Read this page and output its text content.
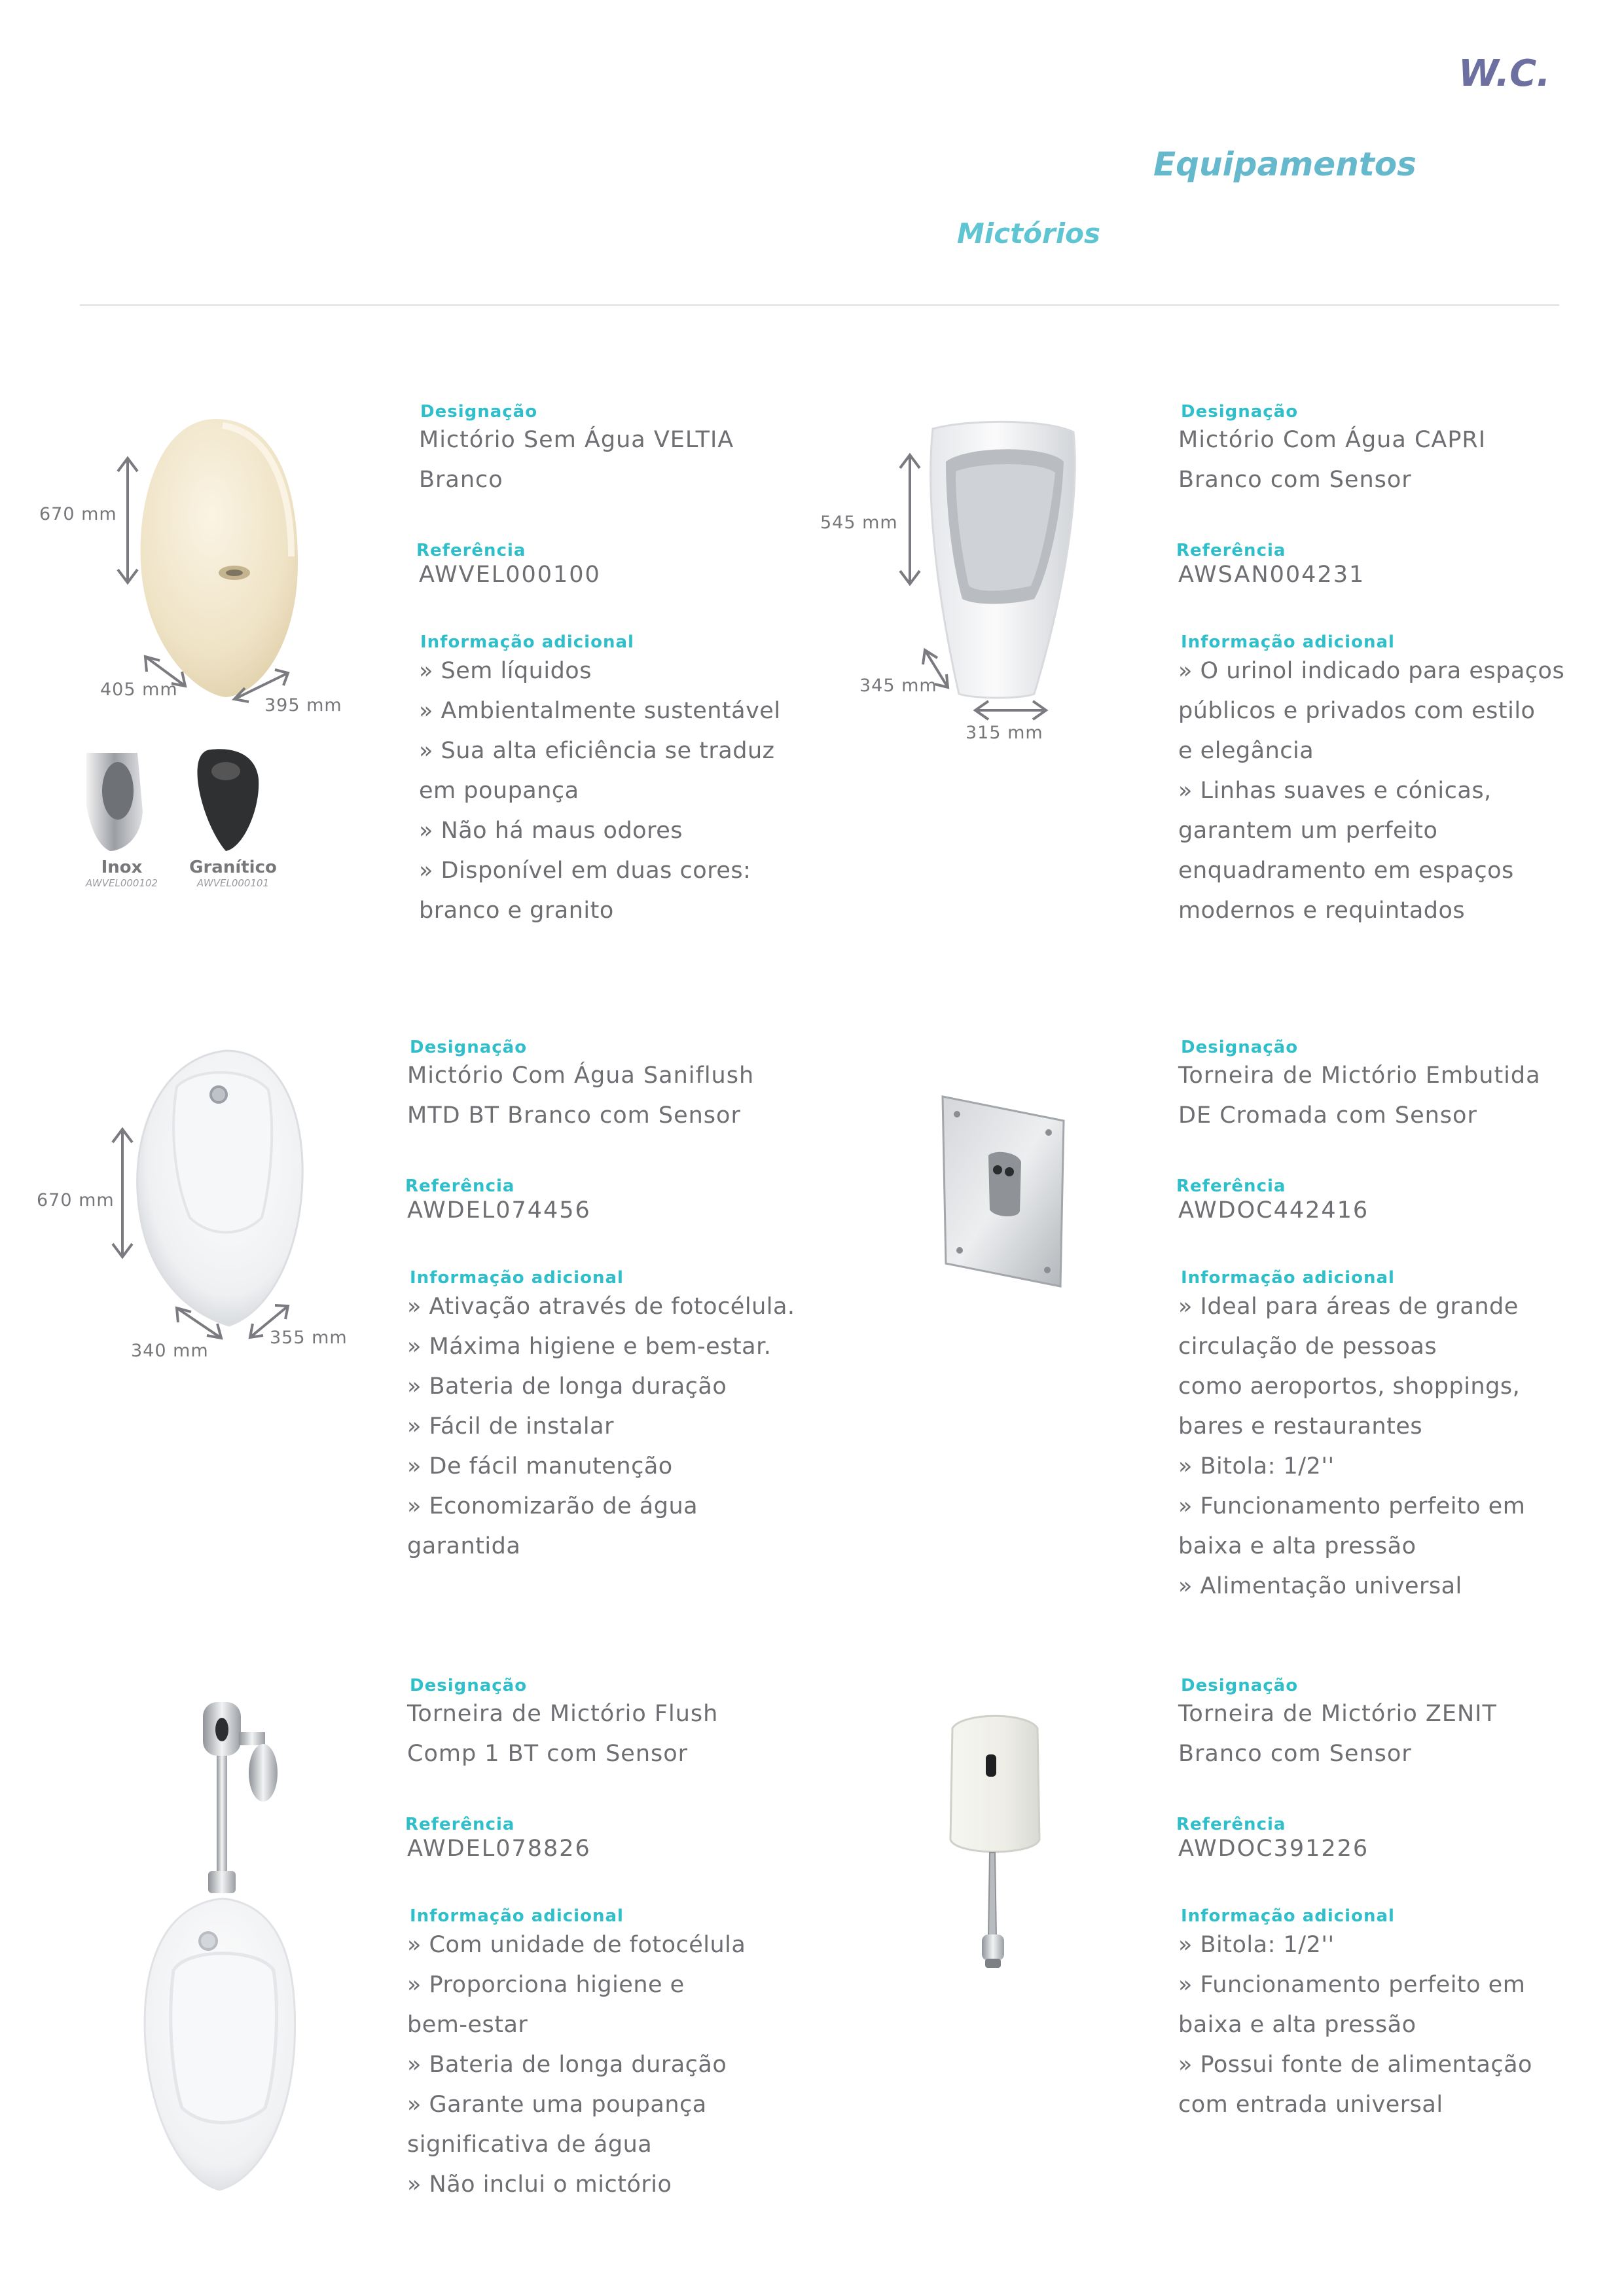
W.C.
Equipamentos
Mictórios
670 mm
405 mm
395 mm
Inox
AWVEL000102
Granítico
AWVEL000101
Designação
Mictório Sem Água VELTIA
Branco
Referência
AWVEL000100
Informação adicional
» Sem líquidos
» Ambientalmente sustentável
» Sua alta eficiência se traduz
em poupança
» Não há maus odores
» Disponível em duas cores:
branco e granito
545 mm
345 mm
315 mm
Designação
Mictório Com Água CAPRI
Branco com Sensor
Referência
AWSAN004231
Informação adicional
» O urinol indicado para espaços
públicos e privados com estilo
e elegância
» Linhas suaves e cónicas,
garantem um perfeito
enquadramento em espaços
modernos e requintados
670 mm
340 mm
355 mm
Designação
Mictório Com Água Saniflush
MTD BT Branco com Sensor
Referência
AWDEL074456
Informação adicional
» Ativação através de fotocélula.
» Máxima higiene e bem-estar.
» Bateria de longa duração
» Fácil de instalar
» De fácil manutenção
» Economizarão de água
garantida
Designação
Torneira de Mictório Embutida
DE Cromada com Sensor
Referência
AWDOC442416
Informação adicional
» Ideal para áreas de grande
circulação de pessoas
como aeroportos, shoppings,
bares e restaurantes
» Bitola: 1/2''
» Funcionamento perfeito em
baixa e alta pressão
» Alimentação universal
Designação
Torneira de Mictório Flush
Comp 1 BT com Sensor
Referência
AWDEL078826
Informação adicional
» Com unidade de fotocélula
» Proporciona higiene e
bem-estar
» Bateria de longa duração
» Garante uma poupança
significativa de água
» Não inclui o mictório
Designação
Torneira de Mictório ZENIT
Branco com Sensor
Referência
AWDOC391226
Informação adicional
» Bitola: 1/2''
» Funcionamento perfeito em
baixa e alta pressão
» Possui fonte de alimentação
com entrada universal
